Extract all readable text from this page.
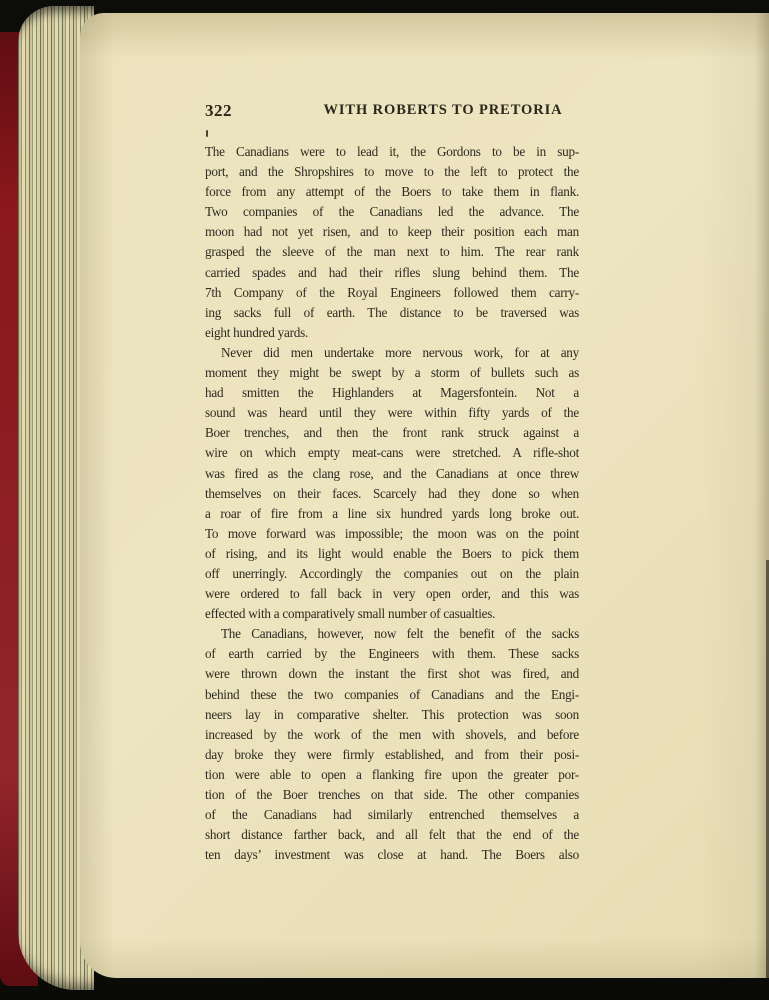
322	WITH ROBERTS TO PRETORIA
The Canadians were to lead it, the Gordons to be in sup-
port, and the Shropshires to move to the left to protect the
force from any attempt of the Boers to take them in flank.
Two companies of the Canadians led the advance. The
moon had not yet risen, and to keep their position each man
grasped the sleeve of the man next to him. The rear rank
carried spades and had their rifles slung behind them. The
7th Company of the Royal Engineers followed them carry-
ing sacks full of earth. The distance to be traversed was
eight hundred yards.
Never did men undertake more nervous work, for at any
moment they might be swept by a storm of bullets such as
had smitten the Highlanders at Magersfontein. Not a
sound was heard until they were within fifty yards of the
Boer trenches, and then the front rank struck against a
wire on which empty meat-cans were stretched. A rifle-shot
was fired as the clang rose, and the Canadians at once threw
themselves on their faces. Scarcely had they done so when
a roar of fire from a line six hundred yards long broke out.
To move forward was impossible; the moon was on the point
of rising, and its light would enable the Boers to pick them
off unerringly. Accordingly the companies out on the plain
were ordered to fall back in very open order, and this was
effected with a comparatively small number of casualties.
The Canadians, however, now felt the benefit of the sacks
of earth carried by the Engineers with them. These sacks
were thrown down the instant the first shot was fired, and
behind these the two companies of Canadians and the Engi-
neers lay in comparative shelter. This protection was soon
increased by the work of the men with shovels, and before
day broke they were firmly established, and from their posi-
tion were able to open a flanking fire upon the greater por-
tion of the Boer trenches on that side. The other companies
of the Canadians had similarly entrenched themselves a
short distance farther back, and all felt that the end of the
ten days’ investment was close at hand. The Boers also
